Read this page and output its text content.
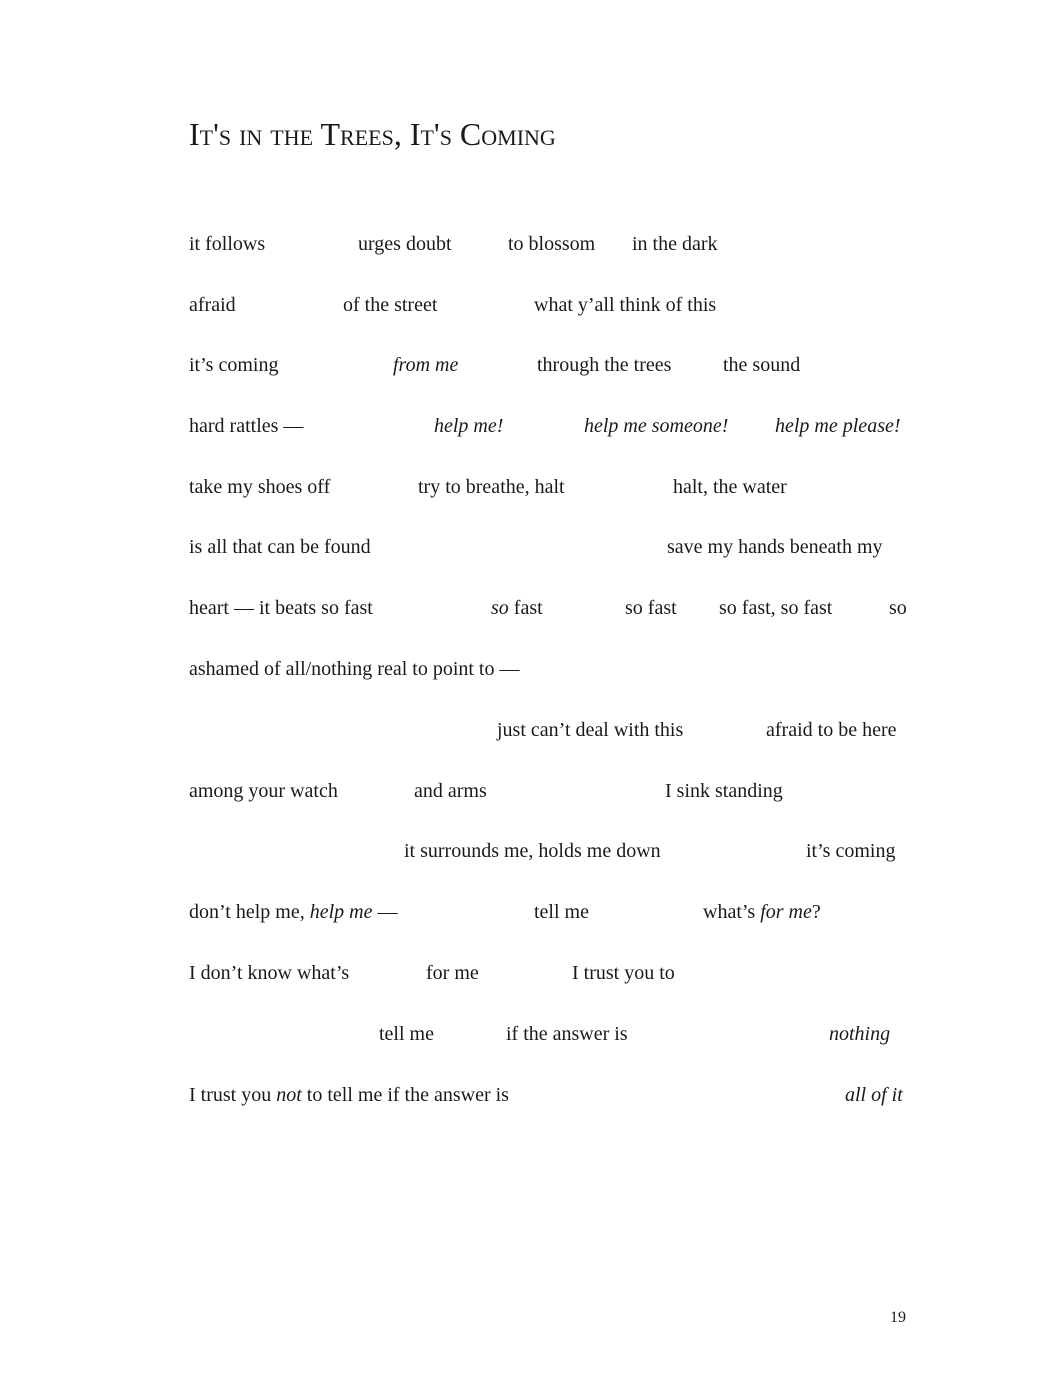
It's in the Trees, It's Coming
it follows	urges doubt	to blossom in the dark
afraid	of the street	what y’all think of this
it’s coming	from me	through the trees	the sound
hard rattles —	help me!	help me someone! help me please!
take my shoes off	try to breathe, halt	halt, the water
is all that can be found	save my hands beneath my
heart — it beats so fast	so fast	so fast so fast, so fast	so
ashamed of all/nothing real to point to —
just can’t deal with this	afraid to be here
among your watch	and arms	I sink standing
it surrounds me, holds me down	it’s coming
don’t help me, help me —	tell me	what’s for me?
I don’t know what’s	for me	I trust you to
tell me	if the answer is	nothing
I trust you not to tell me if the answer is	all of it
19
